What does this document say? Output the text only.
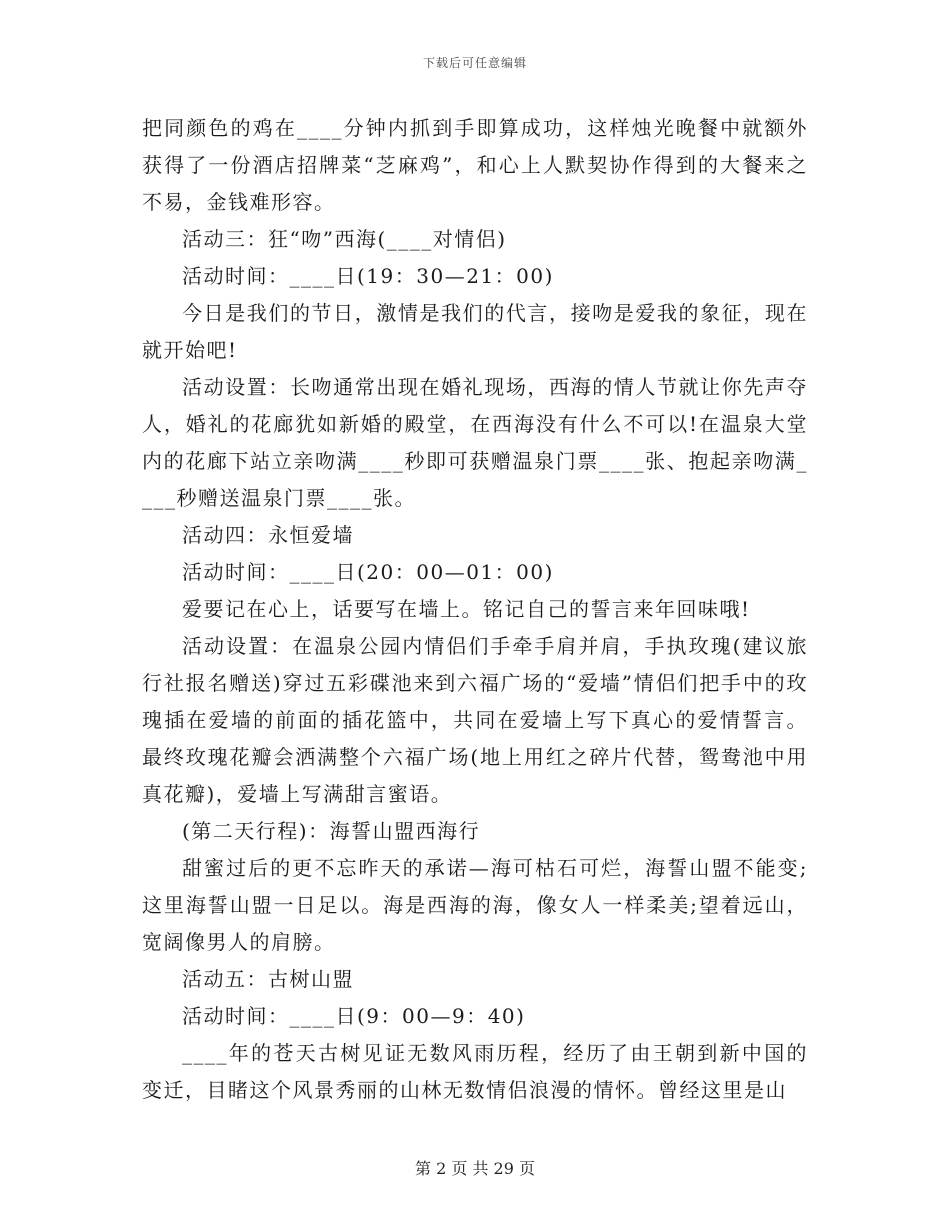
下载后可任意编辑

把同颜色的鸡在____分钟内抓到手即算成功，这样烛光晚餐中就额外获得了一份酒店招牌菜“芝麻鸡”，和心上人默契协作得到的大餐来之不易，金钱难形容。

活动三：狂“吻”西海(____对情侣)

活动时间：____日(19：30—21：00)

今日是我们的节日，激情是我们的代言，接吻是爱我的象征，现在就开始吧!

活动设置：长吻通常出现在婚礼现场，西海的情人节就让你先声夺人，婚礼的花廊犹如新婚的殿堂，在西海没有什么不可以!在温泉大堂内的花廊下站立亲吻满____秒即可获赠温泉门票____张、抱起亲吻满____秒赠送温泉门票____张。

活动四：永恒爱墙

活动时间：____日(20：00—01：00)

爱要记在心上，话要写在墙上。铭记自己的誓言来年回味哦!

活动设置：在温泉公园内情侣们手牵手肩并肩，手执玫瑰(建议旅行社报名赠送)穿过五彩碟池来到六福广场的“爱墙”情侣们把手中的玫瑰插在爱墙的前面的插花篮中，共同在爱墙上写下真心的爱情誓言。最终玫瑰花瓣会洒满整个六福广场(地上用红之碎片代替，鸳鸯池中用真花瓣)，爱墙上写满甜言蜜语。

(第二天行程)：海誓山盟西海行

甜蜜过后的更不忘昨天的承诺—海可枯石可烂，海誓山盟不能变;这里海誓山盟一日足以。海是西海的海，像女人一样柔美;望着远山，宽阔像男人的肩膀。

活动五：古树山盟

活动时间：____日(9：00—9：40)

____年的苍天古树见证无数风雨历程，经历了由王朝到新中国的变迁，目睹这个风景秀丽的山林无数情侣浪漫的情怀。曾经这里是山

第 2 页 共 29 页
